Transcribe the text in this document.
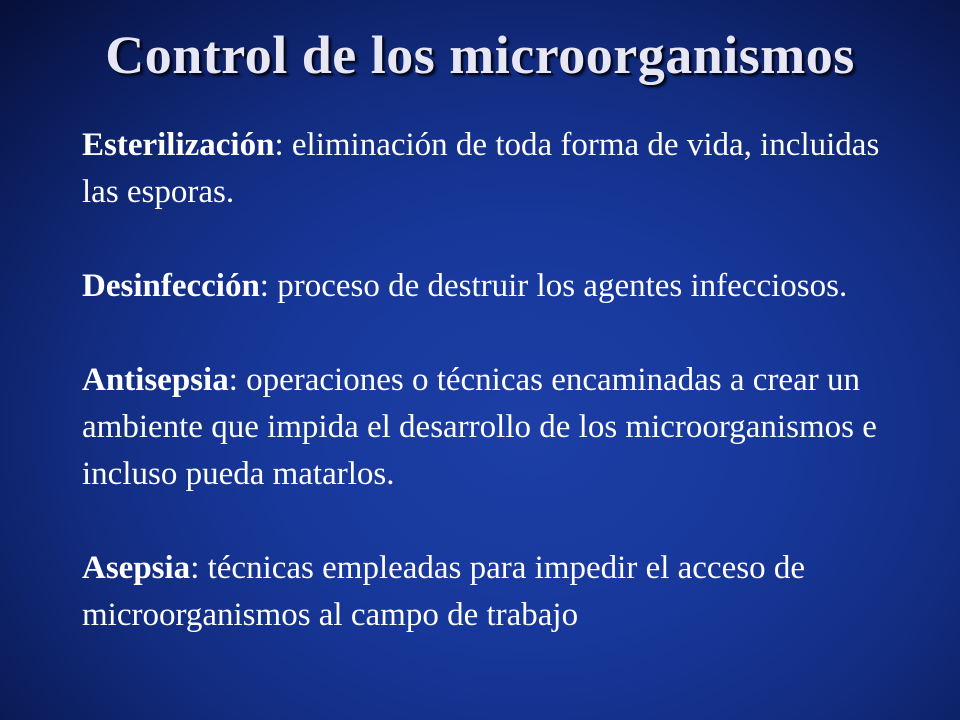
Control de los microorganismos

Esterilización: eliminación de toda forma de vida, incluidas las esporas.

Desinfección: proceso de destruir los agentes infecciosos.

Antisepsia: operaciones o técnicas encaminadas a crear un ambiente que impida el desarrollo de los microorganismos e incluso pueda matarlos.

Asepsia: técnicas empleadas para impedir el acceso de microorganismos al campo de trabajo
